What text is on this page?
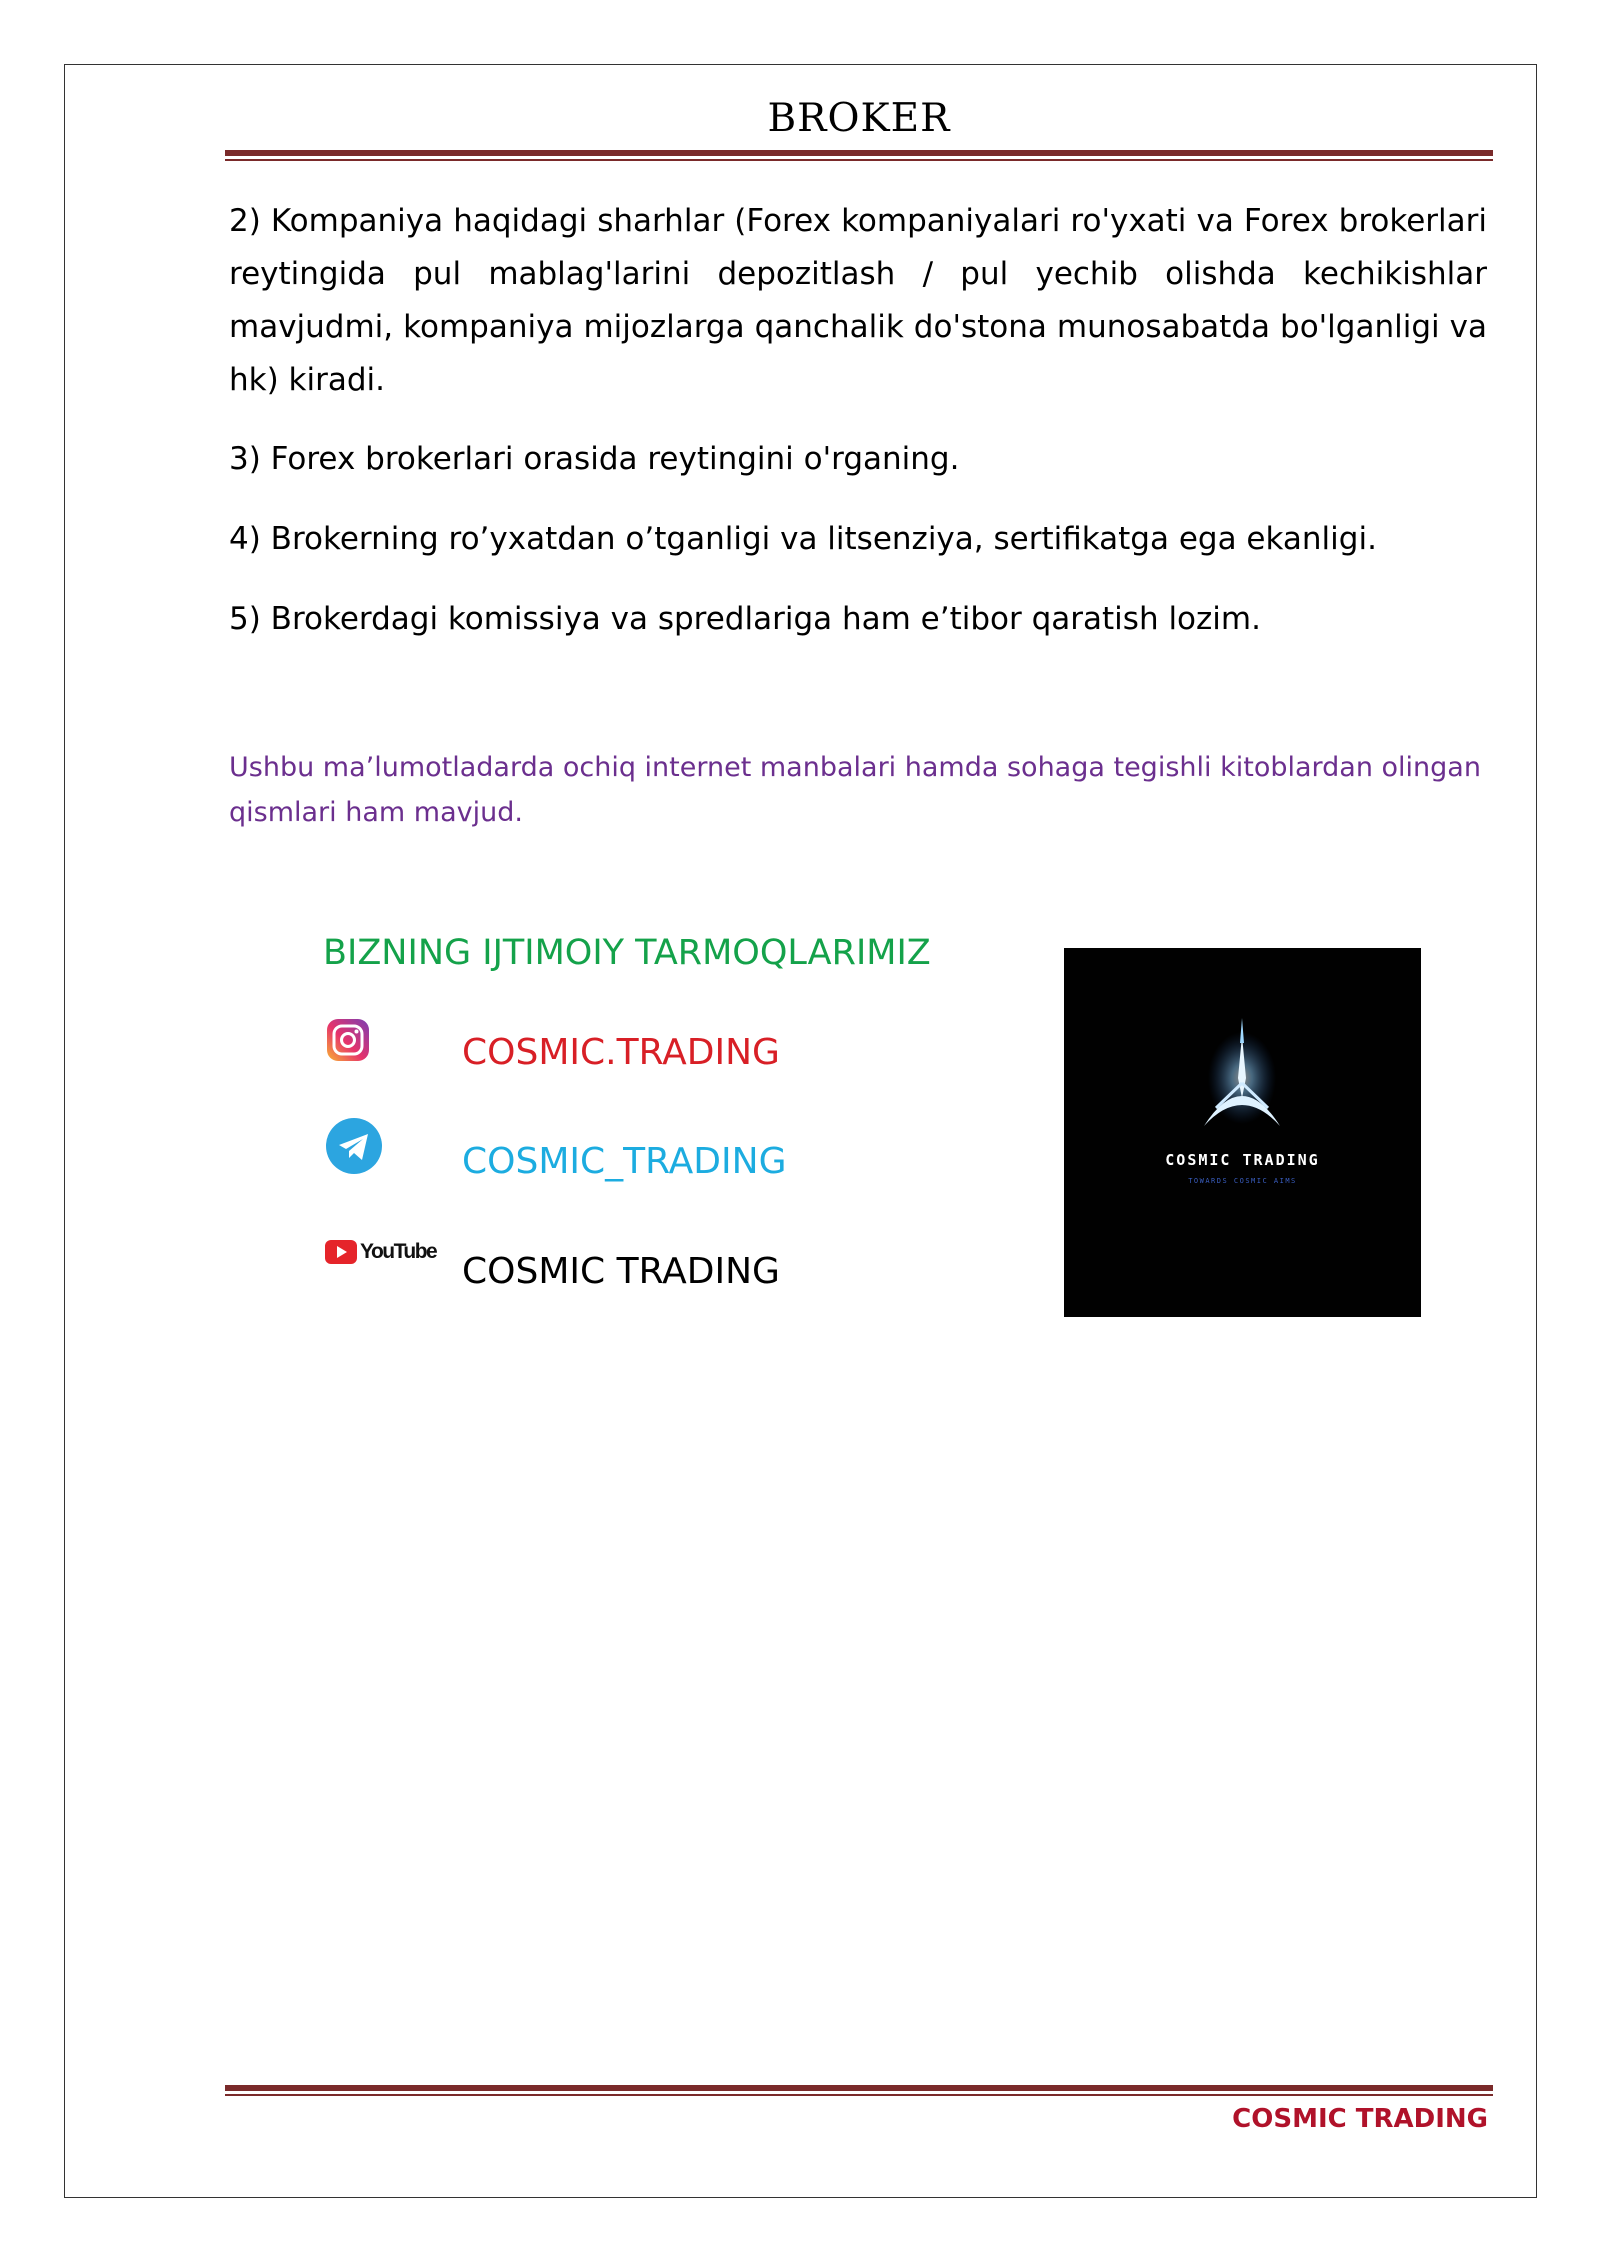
BROKER

2) Kompaniya haqidagi sharhlar (Forex kompaniyalari ro'yxati va Forex brokerlari reytingida pul mablag'larini depozitlash / pul yechib olishda kechikishlar mavjudmi, kompaniya mijozlarga qanchalik do'stona munosabatda bo'lganligi va hk) kiradi.

3) Forex brokerlari orasida reytingini o'rganing.

4) Brokerning ro’yxatdan o’tganligi va litsenziya, sertifikatga ega ekanligi.

5) Brokerdagi komissiya va spredlariga ham e’tibor qaratish lozim.

Ushbu ma’lumotladarda ochiq internet manbalari hamda sohaga tegishli kitoblardan olingan qismlari ham mavjud.
BIZNING IJTIMOIY TARMOQLARIMIZ
COSMIC.TRADING
COSMIC_TRADING
YouTube COSMIC TRADING
COSMIC TRADING
TOWARDS COSMIC AIMS
COSMIC TRADING
